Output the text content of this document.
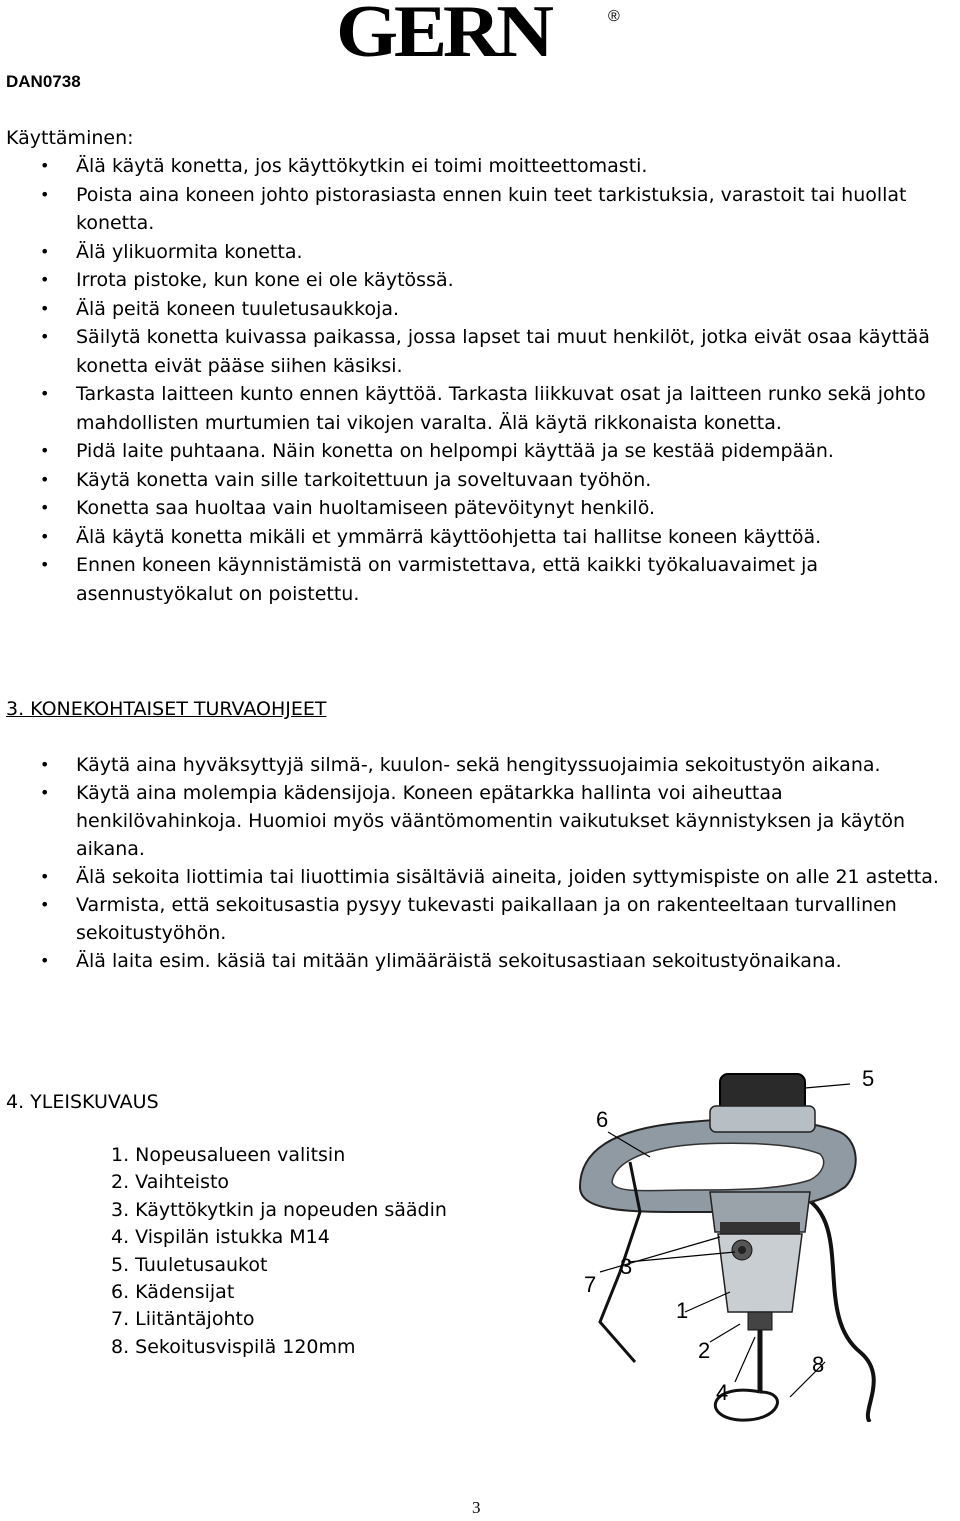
DAN0738
GERN	®
Käyttäminen:
• Älä käytä konetta, jos käyttökytkin ei toimi moitteettomasti.
• Poista aina koneen johto pistorasiasta ennen kuin teet tarkistuksia, varastoit tai huollat konetta.
• Älä ylikuormita konetta.
• Irrota pistoke, kun kone ei ole käytössä.
• Älä peitä koneen tuuletusaukkoja.
• Säilytä konetta kuivassa paikassa, jossa lapset tai muut henkilöt, jotka eivät osaa käyttää konetta eivät pääse siihen käsiksi.
• Tarkasta laitteen kunto ennen käyttöä. Tarkasta liikkuvat osat ja laitteen runko sekä johto mahdollisten murtumien tai vikojen varalta. Älä käytä rikkonaista konetta.
• Pidä laite puhtaana. Näin konetta on helpompi käyttää ja se kestää pidempään.
• Käytä konetta vain sille tarkoitettuun ja soveltuvaan työhön.
• Konetta saa huoltaa vain huoltamiseen pätevöitynyt henkilö.
• Älä käytä konetta mikäli et ymmärrä käyttöohjetta tai hallitse koneen käyttöä.
• Ennen koneen käynnistämistä on varmistettava, että kaikki työkaluavaimet ja asennustyökalut on poistettu.
3. KONEKOHTAISET TURVAOHJEET
• Käytä aina hyväksyttyjä silmä-, kuulon- sekä hengityssuojaimia sekoitustyön aikana.
• Käytä aina molempia kädensijoja. Koneen epätarkka hallinta voi aiheuttaa henkilövahinkoja. Huomioi myös vääntömomentin vaikutukset käynnistyksen ja käytön aikana.
• Älä sekoita liottimia tai liuottimia sisältäviä aineita, joiden syttymispiste on alle 21 astetta.
• Varmista, että sekoitusastia pysyy tukevasti paikallaan ja on rakenteeltaan turvallinen sekoitustyöhön.
• Älä laita esim. käsiä tai mitään ylimääräistä sekoitusastiaan sekoitustyönaikana.
4. YLEISKUVAUS
1. Nopeusalueen valitsin
2. Vaihteisto
3. Käyttökytkin ja nopeuden säädin
4. Vispilän istukka M14
5. Tuuletusaukot
6. Kädensijat
7. Liitäntäjohto
8. Sekoitusvispilä 120mm
5
6
3
7
1
2
8
4
3
